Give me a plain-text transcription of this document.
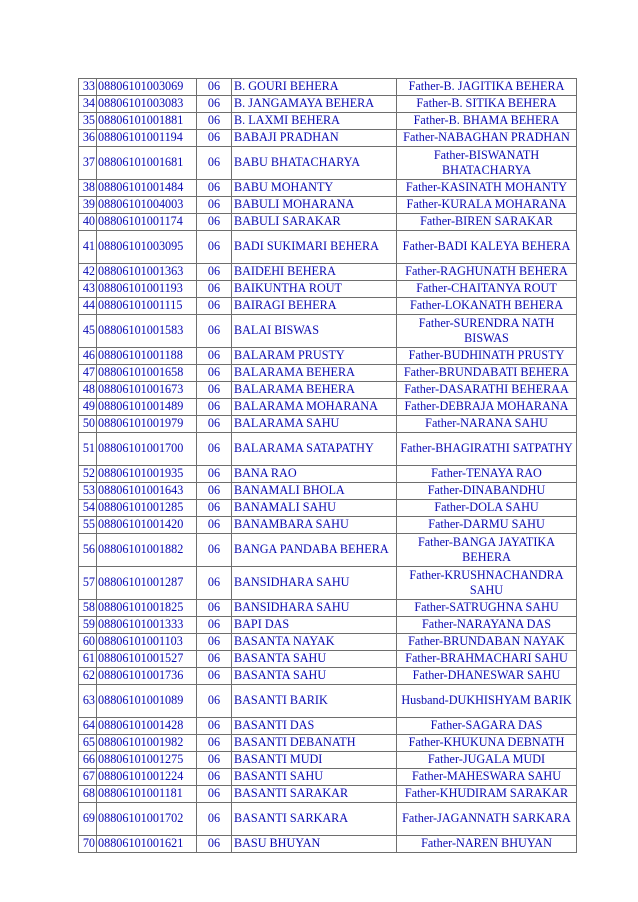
33	08806101003069	06	B. GOURI BEHERA	Father-B. JAGITIKA BEHERA
34	08806101003083	06	B. JANGAMAYA BEHERA	Father-B. SITIKA BEHERA
35	08806101001881	06	B. LAXMI BEHERA	Father-B. BHAMA BEHERA
36	08806101001194	06	BABAJI PRADHAN	Father-NABAGHAN PRADHAN
37	08806101001681	06	BABU BHATACHARYA	Father-BISWANATH BHATACHARYA
38	08806101001484	06	BABU MOHANTY	Father-KASINATH MOHANTY
39	08806101004003	06	BABULI MOHARANA	Father-KURALA MOHARANA
40	08806101001174	06	BABULI SARAKAR	Father-BIREN SARAKAR
41	08806101003095	06	BADI SUKIMARI BEHERA	Father-BADI KALEYA BEHERA
42	08806101001363	06	BAIDEHI BEHERA	Father-RAGHUNATH BEHERA
43	08806101001193	06	BAIKUNTHA ROUT	Father-CHAITANYA ROUT
44	08806101001115	06	BAIRAGI BEHERA	Father-LOKANATH BEHERA
45	08806101001583	06	BALAI BISWAS	Father-SURENDRA NATH BISWAS
46	08806101001188	06	BALARAM PRUSTY	Father-BUDHINATH PRUSTY
47	08806101001658	06	BALARAMA BEHERA	Father-BRUNDABATI BEHERA
48	08806101001673	06	BALARAMA BEHERA	Father-DASARATHI BEHERAA
49	08806101001489	06	BALARAMA MOHARANA	Father-DEBRAJA MOHARANA
50	08806101001979	06	BALARAMA SAHU	Father-NARANA SAHU
51	08806101001700	06	BALARAMA SATAPATHY	Father-BHAGIRATHI SATPATHY
52	08806101001935	06	BANA RAO	Father-TENAYA RAO
53	08806101001643	06	BANAMALI BHOLA	Father-DINABANDHU
54	08806101001285	06	BANAMALI SAHU	Father-DOLA SAHU
55	08806101001420	06	BANAMBARA SAHU	Father-DARMU SAHU
56	08806101001882	06	BANGA PANDABA BEHERA	Father-BANGA JAYATIKA BEHERA
57	08806101001287	06	BANSIDHARA SAHU	Father-KRUSHNACHANDRA SAHU
58	08806101001825	06	BANSIDHARA SAHU	Father-SATRUGHNA SAHU
59	08806101001333	06	BAPI DAS	Father-NARAYANA DAS
60	08806101001103	06	BASANTA NAYAK	Father-BRUNDABAN NAYAK
61	08806101001527	06	BASANTA SAHU	Father-BRAHMACHARI SAHU
62	08806101001736	06	BASANTA SAHU	Father-DHANESWAR SAHU
63	08806101001089	06	BASANTI BARIK	Husband-DUKHISHYAM BARIK
64	08806101001428	06	BASANTI DAS	Father-SAGARA DAS
65	08806101001982	06	BASANTI DEBANATH	Father-KHUKUNA DEBNATH
66	08806101001275	06	BASANTI MUDI	Father-JUGALA MUDI
67	08806101001224	06	BASANTI SAHU	Father-MAHESWARA SAHU
68	08806101001181	06	BASANTI SARAKAR	Father-KHUDIRAM SARAKAR
69	08806101001702	06	BASANTI SARKARA	Father-JAGANNATH SARKARA
70	08806101001621	06	BASU BHUYAN	Father-NAREN BHUYAN
